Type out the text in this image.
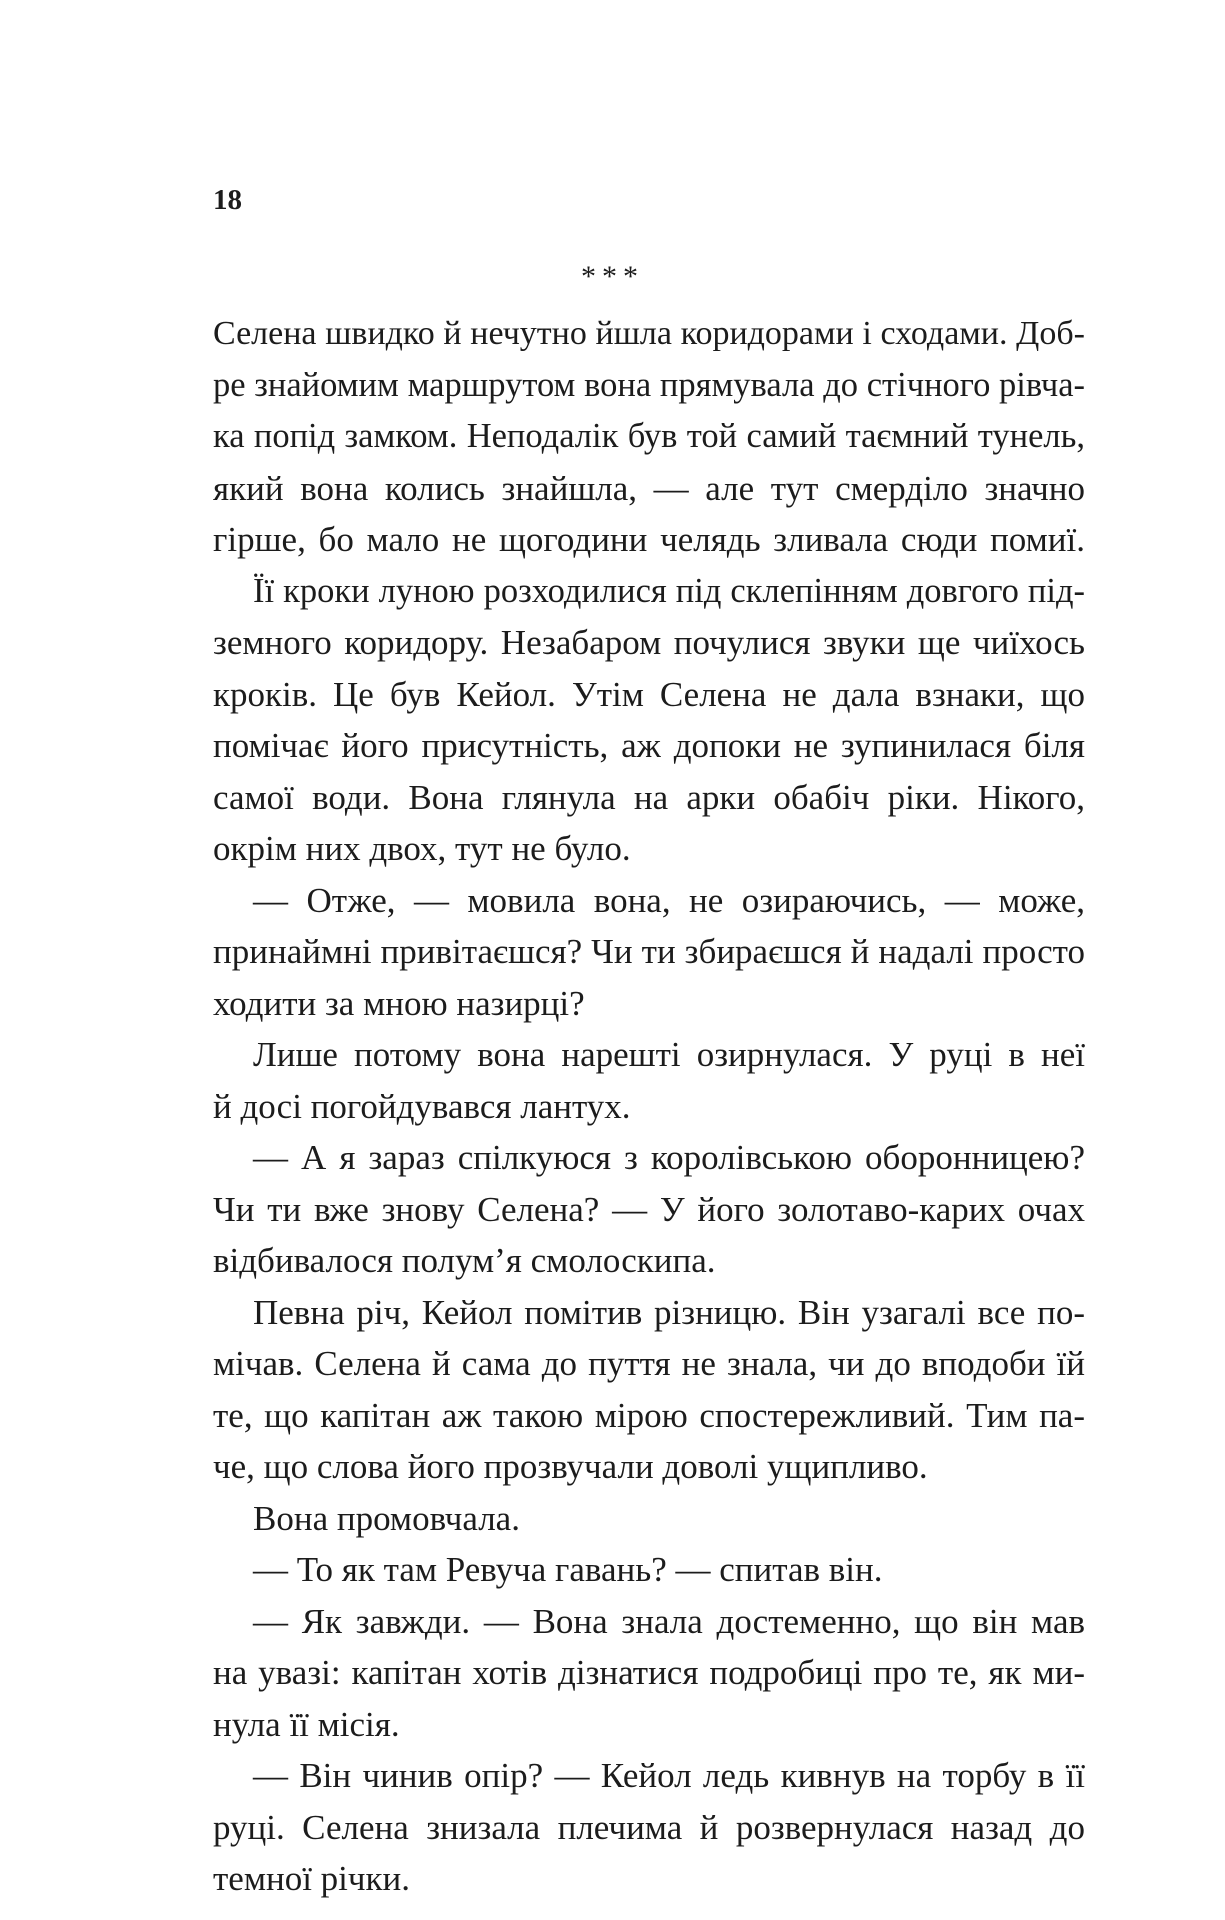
18
***
Селена швидко й нечутно йшла коридорами і сходами. Доб-
ре знайомим маршрутом вона прямувала до стічного рівча-
ка попід замком. Неподалік був той самий таємний тунель,
який вона колись знайшла, — але тут смерділо значно
гірше, бо мало не щогодини челядь зливала сюди помиї.
Її кроки луною розходилися під склепінням довгого під-
земного коридору. Незабаром почулися звуки ще чиїхось
кроків. Це був Кейол. Утім Селена не дала взнаки, що
помічає його присутність, аж допоки не зупинилася біля
самої води. Вона глянула на арки обабіч ріки. Нікого,
окрім них двох, тут не було.
— Отже, — мовила вона, не озираючись, — може,
принаймні привітаєшся? Чи ти збираєшся й надалі просто
ходити за мною назирці?
Лише потому вона нарешті озирнулася. У руці в неї
й досі погойдувався лантух.
— А я зараз спілкуюся з королівською оборонницею?
Чи ти вже знову Селена? — У його золотаво-карих очах
відбивалося полум’я смолоскипа.
Певна річ, Кейол помітив різницю. Він узагалі все по-
мічав. Селена й сама до пуття не знала, чи до вподоби їй
те, що капітан аж такою мірою спостережливий. Тим па-
че, що слова його прозвучали доволі ущипливо.
Вона промовчала.
— То як там Ревуча гавань? — спитав він.
— Як завжди. — Вона знала достеменно, що він мав
на увазі: капітан хотів дізнатися подробиці про те, як ми-
нула її місія.
— Він чинив опір? — Кейол ледь кивнув на торбу в її
руці. Селена знизала плечима й розвернулася назад до
темної річки.
